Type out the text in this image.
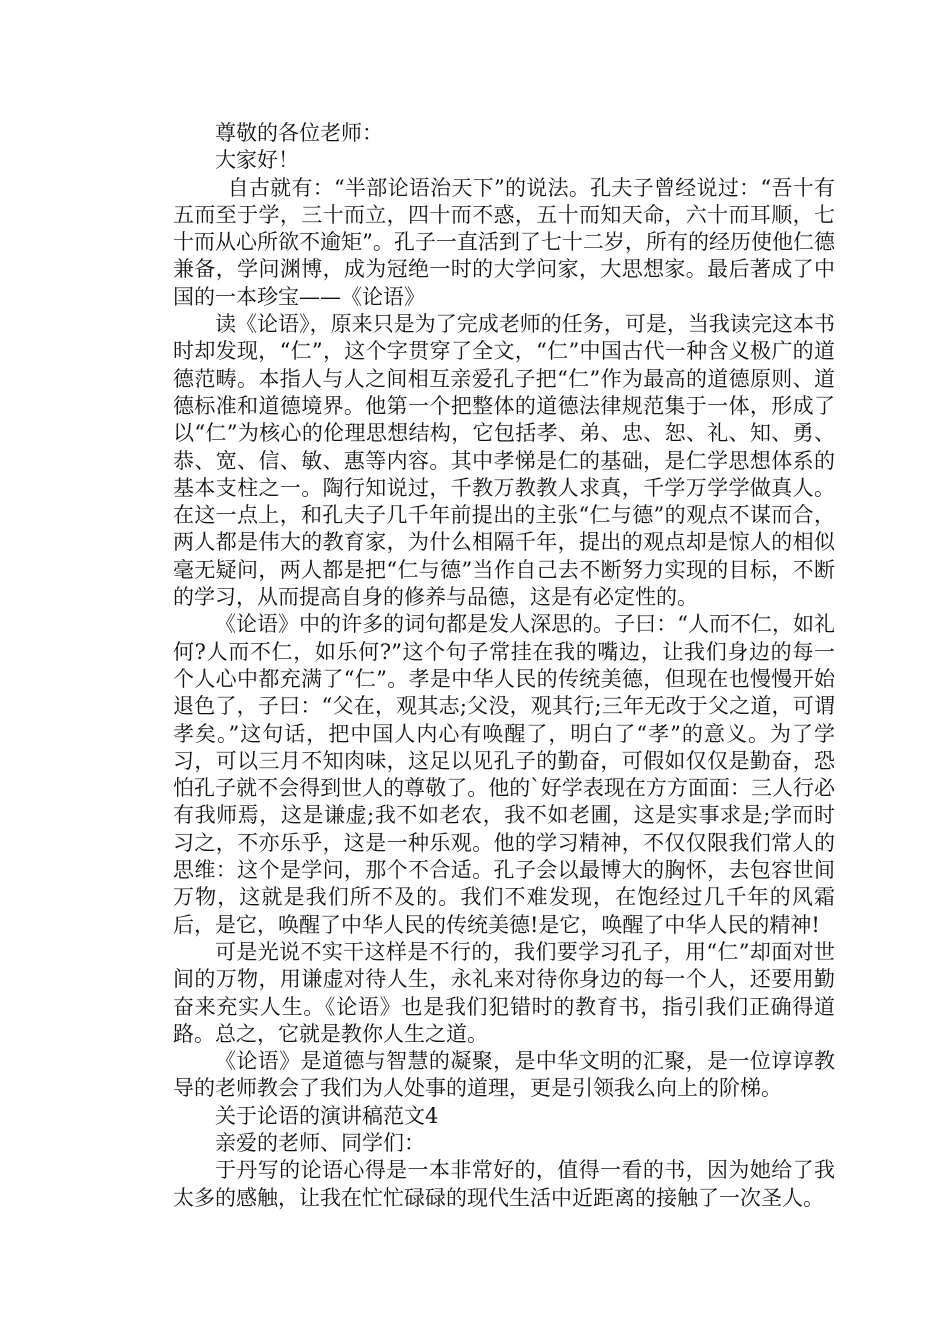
尊敬的各位老师：

大家好！

自古就有：“半部论语治天下”的说法。孔夫子曾经说过：“吾十有五而至于学，三十而立，四十而不惑，五十而知天命，六十而耳顺，七十而从心所欲不逾矩”。孔子一直活到了七十二岁，所有的经历使他仁德兼备，学问渊博，成为冠绝一时的大学问家，大思想家。最后著成了中国的一本珍宝——《论语》

读《论语》，原来只是为了完成老师的任务，可是，当我读完这本书时却发现，“仁”，这个字贯穿了全文，“仁”中国古代一种含义极广的道德范畴。本指人与人之间相互亲爱孔子把“仁”作为最高的道德原则、道德标准和道德境界。他第一个把整体的道德法律规范集于一体，形成了以“仁”为核心的伦理思想结构，它包括孝、弟、忠、恕、礼、知、勇、恭、宽、信、敏、惠等内容。其中孝悌是仁的基础，是仁学思想体系的基本支柱之一。陶行知说过，千教万教教人求真，千学万学学做真人。在这一点上，和孔夫子几千年前提出的主张“仁与德”的观点不谋而合，两人都是伟大的教育家，为什么相隔千年，提出的观点却是惊人的相似毫无疑问，两人都是把“仁与德”当作自己去不断努力实现的目标，不断的学习，从而提高自身的修养与品德，这是有必定性的。

《论语》中的许多的词句都是发人深思的。子曰：“人而不仁，如礼何?人而不仁，如乐何?”这个句子常挂在我的嘴边，让我们身边的每一个人心中都充满了“仁”。孝是中华人民的传统美德，但现在也慢慢开始退色了，子曰：“父在，观其志;父没，观其行;三年无改于父之道，可谓孝矣。”这句话，把中国人内心有唤醒了，明白了“孝”的意义。为了学习，可以三月不知肉味，这足以见孔子的勤奋，可假如仅仅是勤奋，恐怕孔子就不会得到世人的尊敬了。他的`好学表现在方方面面：三人行必有我师焉，这是谦虚;我不如老农，我不如老圃，这是实事求是;学而时习之，不亦乐乎，这是一种乐观。他的学习精神，不仅仅限我们常人的思维：这个是学问，那个不合适。孔子会以最博大的胸怀，去包容世间万物，这就是我们所不及的。我们不难发现，在饱经过几千年的风霜后，是它，唤醒了中华人民的传统美德!是它，唤醒了中华人民的精神!

可是光说不实干这样是不行的，我们要学习孔子，用“仁”却面对世间的万物，用谦虚对待人生，永礼来对待你身边的每一个人，还要用勤奋来充实人生。《论语》也是我们犯错时的教育书，指引我们正确得道路。总之，它就是教你人生之道。

《论语》是道德与智慧的凝聚，是中华文明的汇聚，是一位谆谆教导的老师教会了我们为人处事的道理，更是引领我么向上的阶梯。

关于论语的演讲稿范文4

亲爱的老师、同学们：

于丹写的论语心得是一本非常好的，值得一看的书，因为她给了我太多的感触，让我在忙忙碌碌的现代生活中近距离的接触了一次圣人。
